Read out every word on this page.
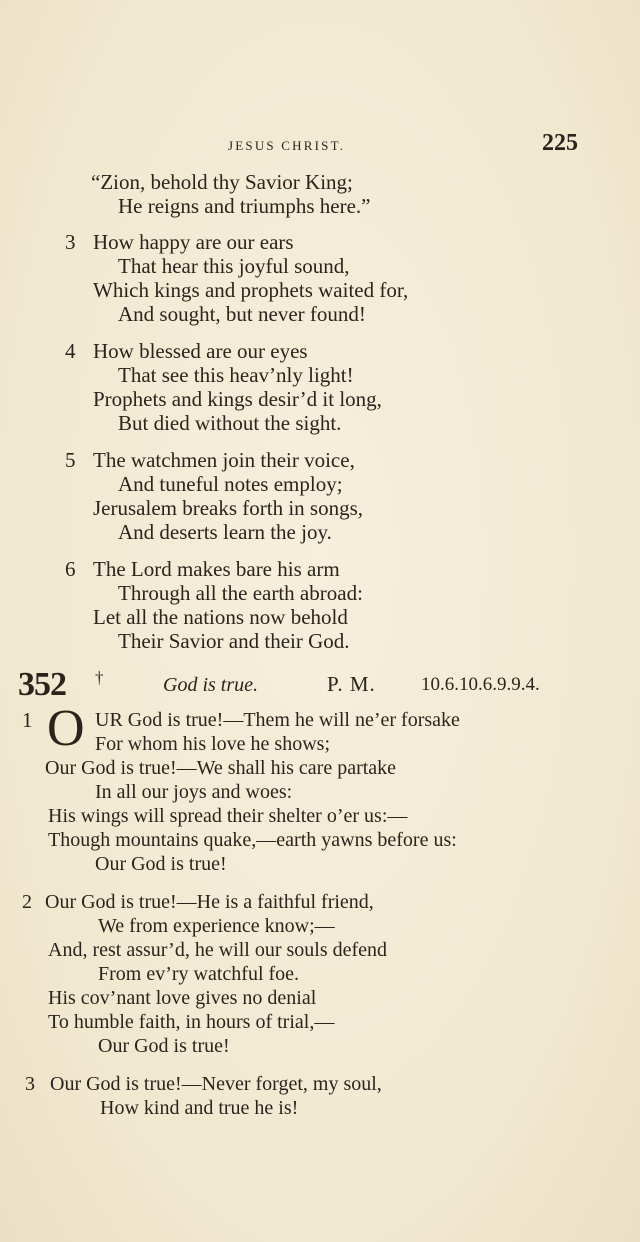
JESUS CHRIST.	225
“Zion, behold thy Savior King;
He reigns and triumphs here.”
3 How happy are our ears
That hear this joyful sound,
Which kings and prophets waited for,
And sought, but never found!
4 How blessed are our eyes
That see this heav’nly light!
Prophets and kings desir’d it long,
But died without the sight.
5 The watchmen join their voice,
And tuneful notes employ;
Jerusalem breaks forth in songs,
And deserts learn the joy.
6 The Lord makes bare his arm
Through all the earth abroad:
Let all the nations now behold
Their Savior and their God.
352 †	God is true.	P. M. 10.6.10.6.9.9.4.
1 O UR God is true!—Them he will ne’er forsake
For whom his love he shows;
Our God is true!—We shall his care partake
In all our joys and woes:
His wings will spread their shelter o’er us:—
Though mountains quake,—earth yawns before us:
Our God is true!
2 Our God is true!—He is a faithful friend,
We from experience know;—
And, rest assur’d, he will our souls defend
From ev’ry watchful foe.
His cov’nant love gives no denial
To humble faith, in hours of trial,—
Our God is true!
3 Our God is true!—Never forget, my soul,
How kind and true he is!
